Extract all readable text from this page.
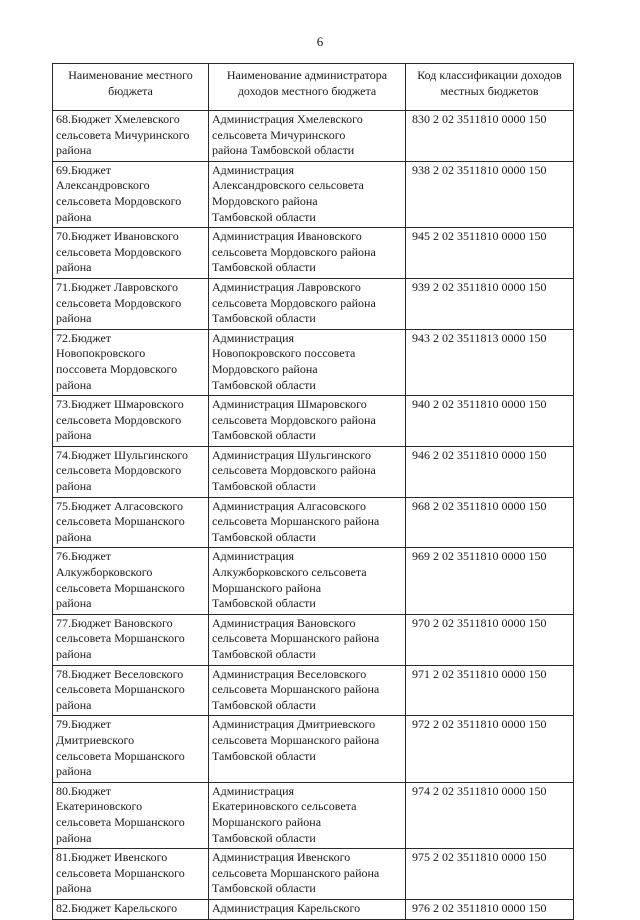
6
Наименование местного бюджета	Наименование администратора доходов местного бюджета	Код классификации доходов местных бюджетов
68.Бюджет Хмелевского
сельсовета Мичуринского
района	Администрация Хмелевского
сельсовета Мичуринского
района Тамбовской области	830 2 02 3511810 0000 150
69.Бюджет
Александровского
сельсовета Мордовского
района	Администрация
Александровского сельсовета
Мордовского района
Тамбовской области	938 2 02 3511810 0000 150
70.Бюджет Ивановского
сельсовета Мордовского
района	Администрация Ивановского
сельсовета Мордовского района
Тамбовской области	945 2 02 3511810 0000 150
71.Бюджет Лавровского
сельсовета Мордовского
района	Администрация Лавровского
сельсовета Мордовского района
Тамбовской области	939 2 02 3511810 0000 150
72.Бюджет
Новопокровского
поссовета Мордовского
района	Администрация
Новопокровского поссовета
Мордовского района
Тамбовской области	943 2 02 3511813 0000 150
73.Бюджет Шмаровского
сельсовета Мордовского
района	Администрация Шмаровского
сельсовета Мордовского района
Тамбовской области	940 2 02 3511810 0000 150
74.Бюджет Шульгинского
сельсовета Мордовского
района	Администрация Шульгинского
сельсовета Мордовского района
Тамбовской области	946 2 02 3511810 0000 150
75.Бюджет Алгасовского
сельсовета Моршанского
района	Администрация Алгасовского
сельсовета Моршанского района
Тамбовской области	968 2 02 3511810 0000 150
76.Бюджет
Алкужборковского
сельсовета Моршанского
района	Администрация
Алкужборковского сельсовета
Моршанского района
Тамбовской области	969 2 02 3511810 0000 150
77.Бюджет Вановского
сельсовета Моршанского
района	Администрация Вановского
сельсовета Моршанского района
Тамбовской области	970 2 02 3511810 0000 150
78.Бюджет Веселовского
сельсовета Моршанского
района	Администрация Веселовского
сельсовета Моршанского района
Тамбовской области	971 2 02 3511810 0000 150
79.Бюджет
Дмитриевского
сельсовета Моршанского
района	Администрация Дмитриевского
сельсовета Моршанского района
Тамбовской области	972 2 02 3511810 0000 150
80.Бюджет
Екатериновского
сельсовета Моршанского
района	Администрация
Екатериновского сельсовета
Моршанского района
Тамбовской области	974 2 02 3511810 0000 150
81.Бюджет Ивенского
сельсовета Моршанского
района	Администрация Ивенского
сельсовета Моршанского района
Тамбовской области	975 2 02 3511810 0000 150
82.Бюджет Карельского	Администрация Карельского	976 2 02 3511810 0000 150
